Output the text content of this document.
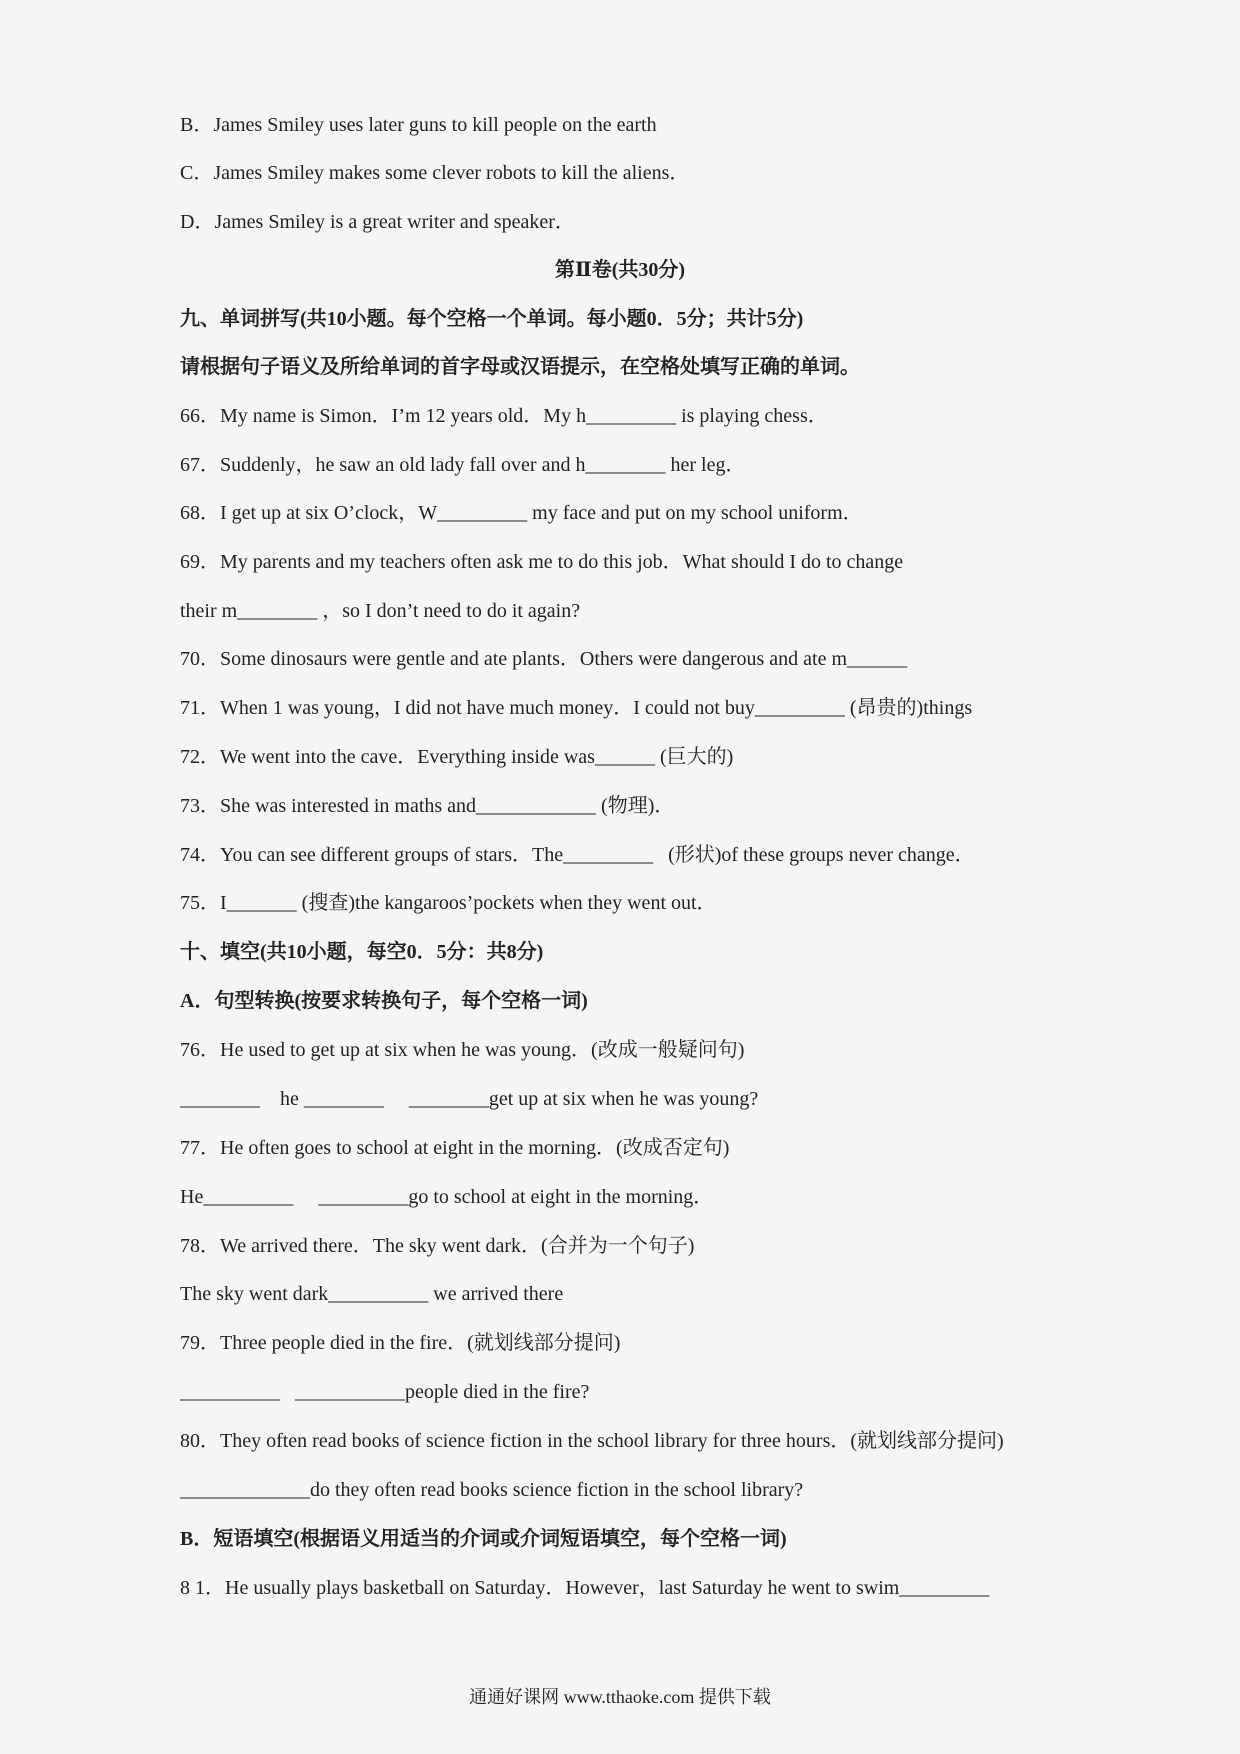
B．James Smiley uses later guns to kill people on the earth
C．James Smiley makes some clever robots to kill the aliens．
D．James Smiley is a great writer and speaker．
第Ⅱ卷(共30分)
九、单词拼写(共10小题。每个空格一个单词。每小题0．5分；共计5分)
请根据句子语义及所给单词的首字母或汉语提示，在空格处填写正确的单词。
66．My name is Simon．I’m 12 years old．My h_________ is playing chess．
67．Suddenly，he saw an old lady fall over and h________ her leg．
68．I get up at six O’clock，W_________ my face and put on my school uniform．
69．My parents and my teachers often ask me to do this job．What should I do to change
their m________ ，so I don’t need to do it again?
70．Some dinosaurs were gentle and ate plants．Others were dangerous and ate m______
71．When 1 was young，I did not have much money．I could not buy_________ (昂贵的)things
72．We went into the cave．Everything inside was______ (巨大的)
73．She was interested in maths and____________ (物理)．
74．You can see different groups of stars．The_________   (形状)of these groups never change．
75．I_______ (搜查)the kangaroos’pockets when they went out．
十、填空(共10小题，每空0．5分：共8分)
A．句型转换(按要求转换句子，每个空格一词)
76．He used to get up at six when he was young．(改成一般疑问句)
________    he ________     ________get up at six when he was young?
77．He often goes to school at eight in the morning．(改成否定句)
He_________     _________go to school at eight in the morning．
78．We arrived there．The sky went dark．(合并为一个句子)
The sky went dark__________ we arrived there
79．Three people died in the fire．(就划线部分提问)
__________   ___________people died in the fire?
80．They often read books of science fiction in the school library for three hours．(就划线部分提问)
_____________do they often read books science fiction in the school library?
B．短语填空(根据语义用适当的介词或介词短语填空，每个空格一词)
8 1．He usually plays basketball on Saturday．However，last Saturday he went to swim_________
通通好课网 www.tthaoke.com 提供下载
